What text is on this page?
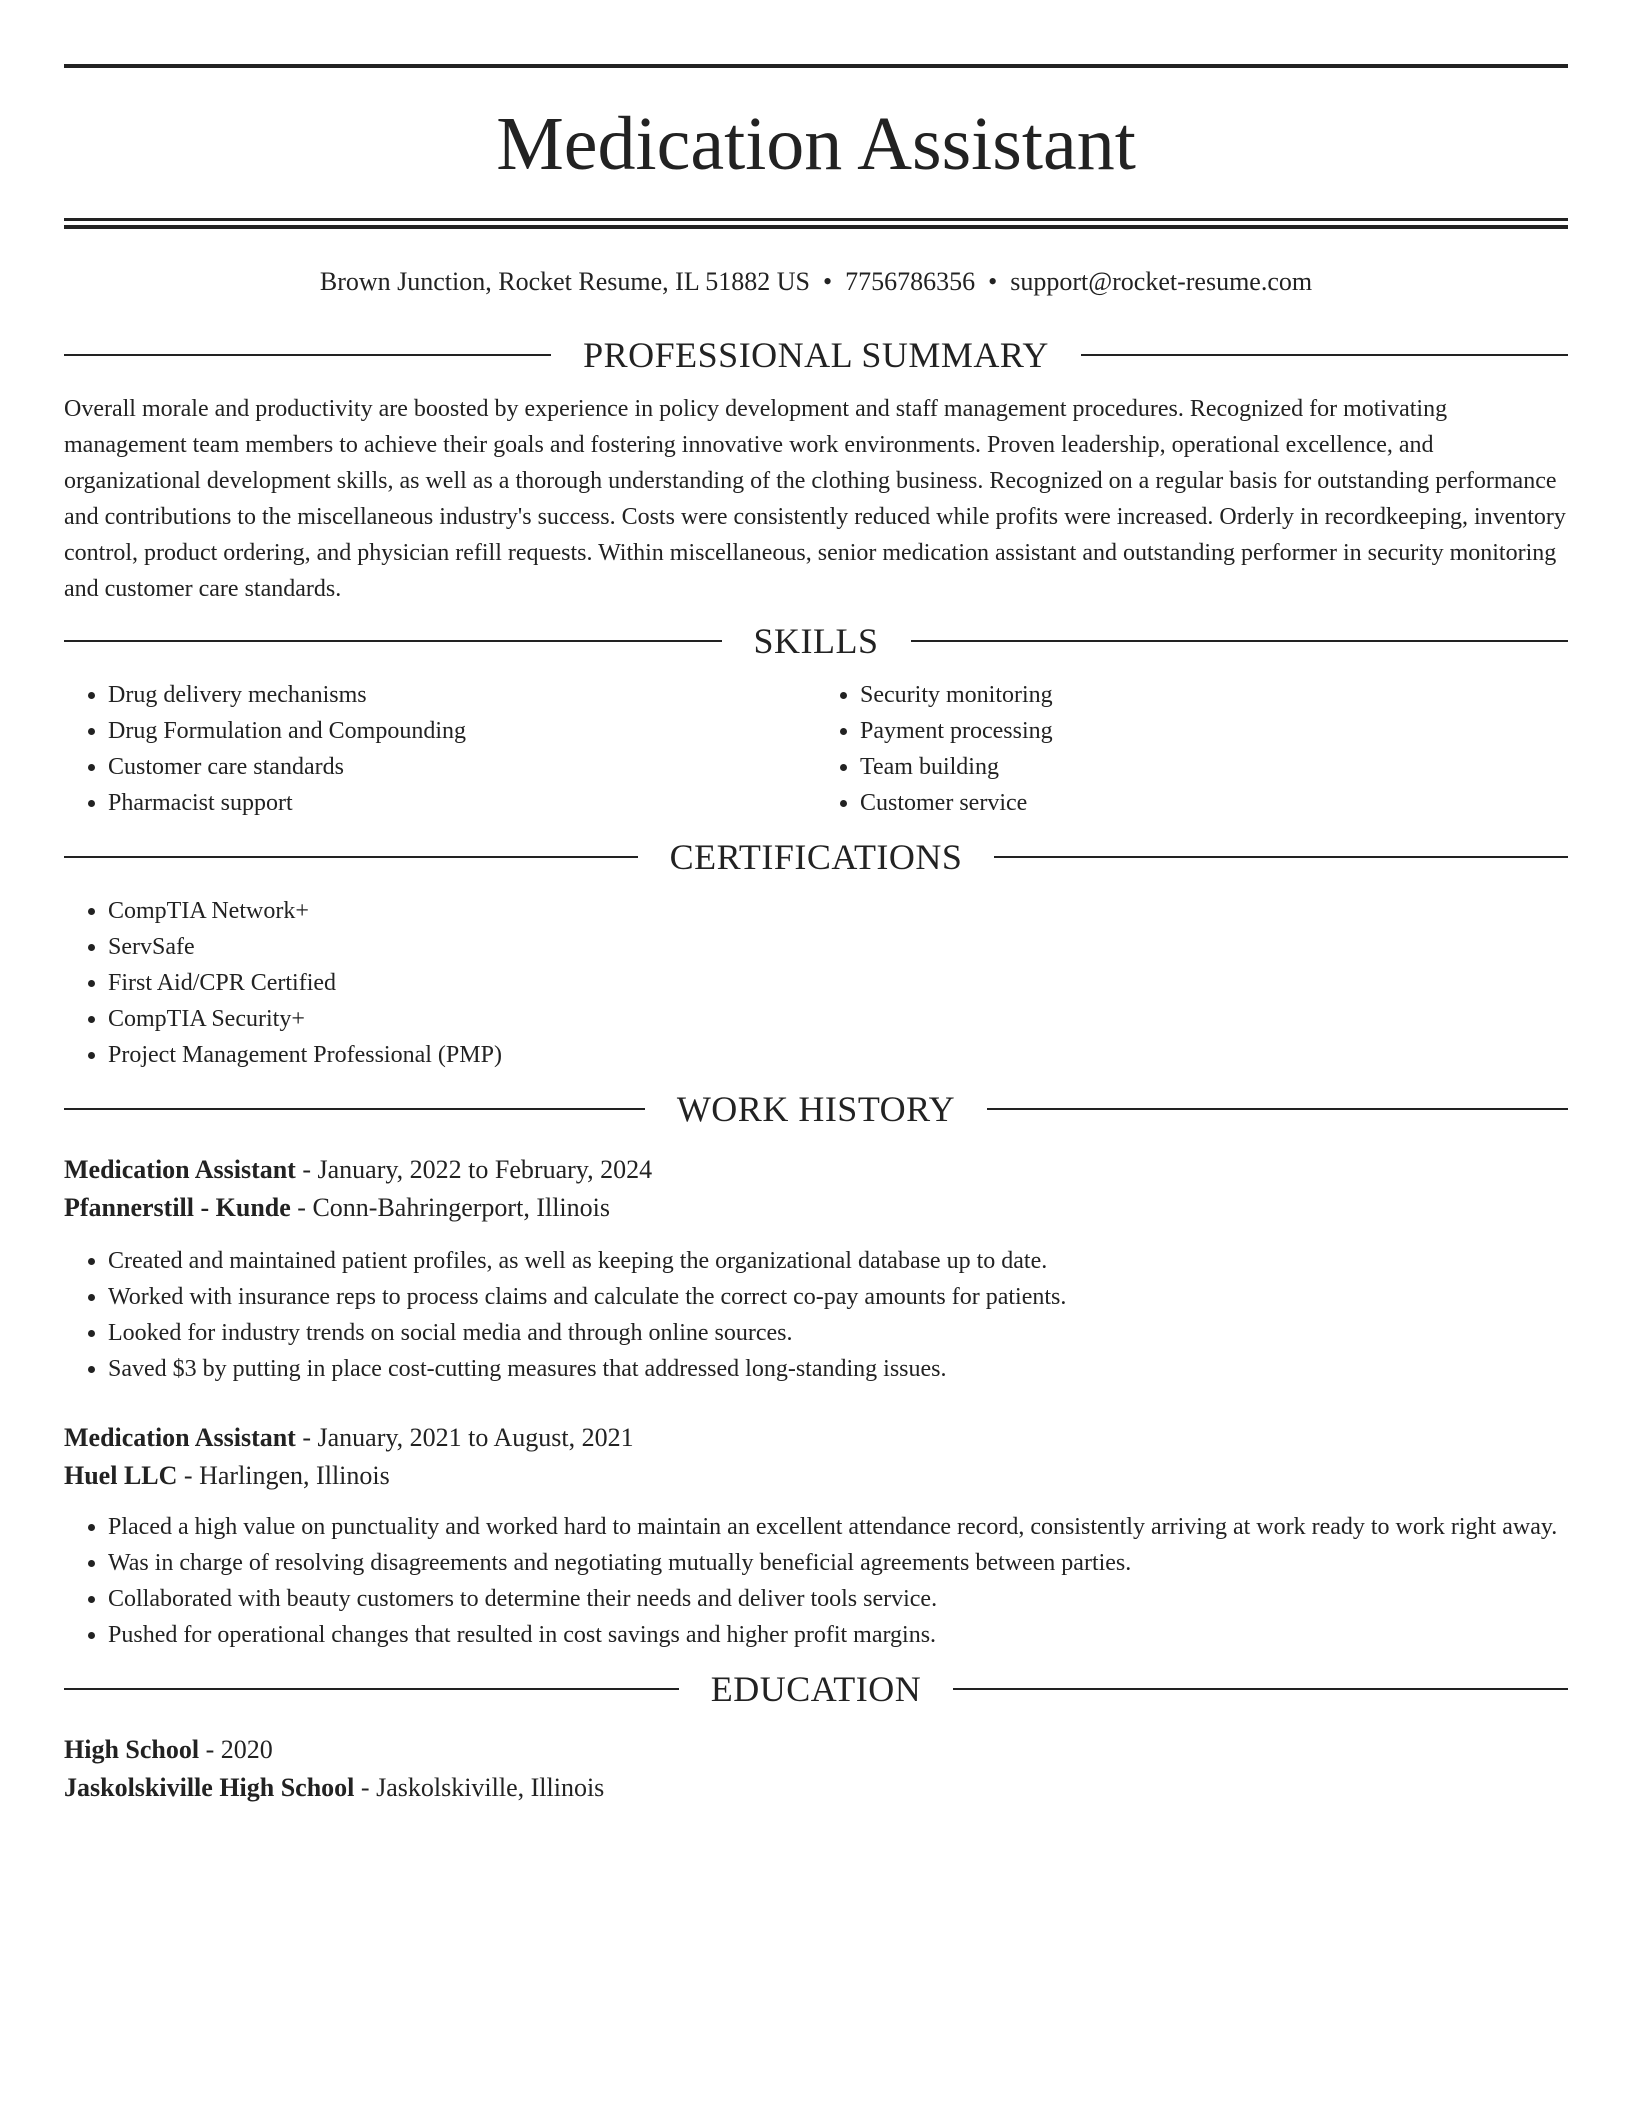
Medication Assistant
Brown Junction, Rocket Resume, IL 51882 US • 7756786356 • support@rocket-resume.com
PROFESSIONAL SUMMARY

Overall morale and productivity are boosted by experience in policy development and staff management procedures. Recognized for motivating management team members to achieve their goals and fostering innovative work environments. Proven leadership, operational excellence, and organizational development skills, as well as a thorough understanding of the clothing business. Recognized on a regular basis for outstanding performance and contributions to the miscellaneous industry's success. Costs were consistently reduced while profits were increased. Orderly in recordkeeping, inventory control, product ordering, and physician refill requests. Within miscellaneous, senior medication assistant and outstanding performer in security monitoring and customer care standards.

SKILLS
• Drug delivery mechanisms
• Drug Formulation and Compounding
• Customer care standards
• Pharmacist support
• Security monitoring
• Payment processing
• Team building
• Customer service
CERTIFICATIONS
• CompTIA Network+
• ServSafe
• First Aid/CPR Certified
• CompTIA Security+
• Project Management Professional (PMP)
WORK HISTORY
Medication Assistant - January, 2022 to February, 2024
Pfannerstill - Kunde - Conn-Bahringerport, Illinois
• Created and maintained patient profiles, as well as keeping the organizational database up to date.
• Worked with insurance reps to process claims and calculate the correct co-pay amounts for patients.
• Looked for industry trends on social media and through online sources.
• Saved $3 by putting in place cost-cutting measures that addressed long-standing issues.
Medication Assistant - January, 2021 to August, 2021
Huel LLC - Harlingen, Illinois
• Placed a high value on punctuality and worked hard to maintain an excellent attendance record, consistently arriving at work ready to work right away.
• Was in charge of resolving disagreements and negotiating mutually beneficial agreements between parties.
• Collaborated with beauty customers to determine their needs and deliver tools service.
• Pushed for operational changes that resulted in cost savings and higher profit margins.
EDUCATION
High School - 2020
Jaskolskiville High School - Jaskolskiville, Illinois
